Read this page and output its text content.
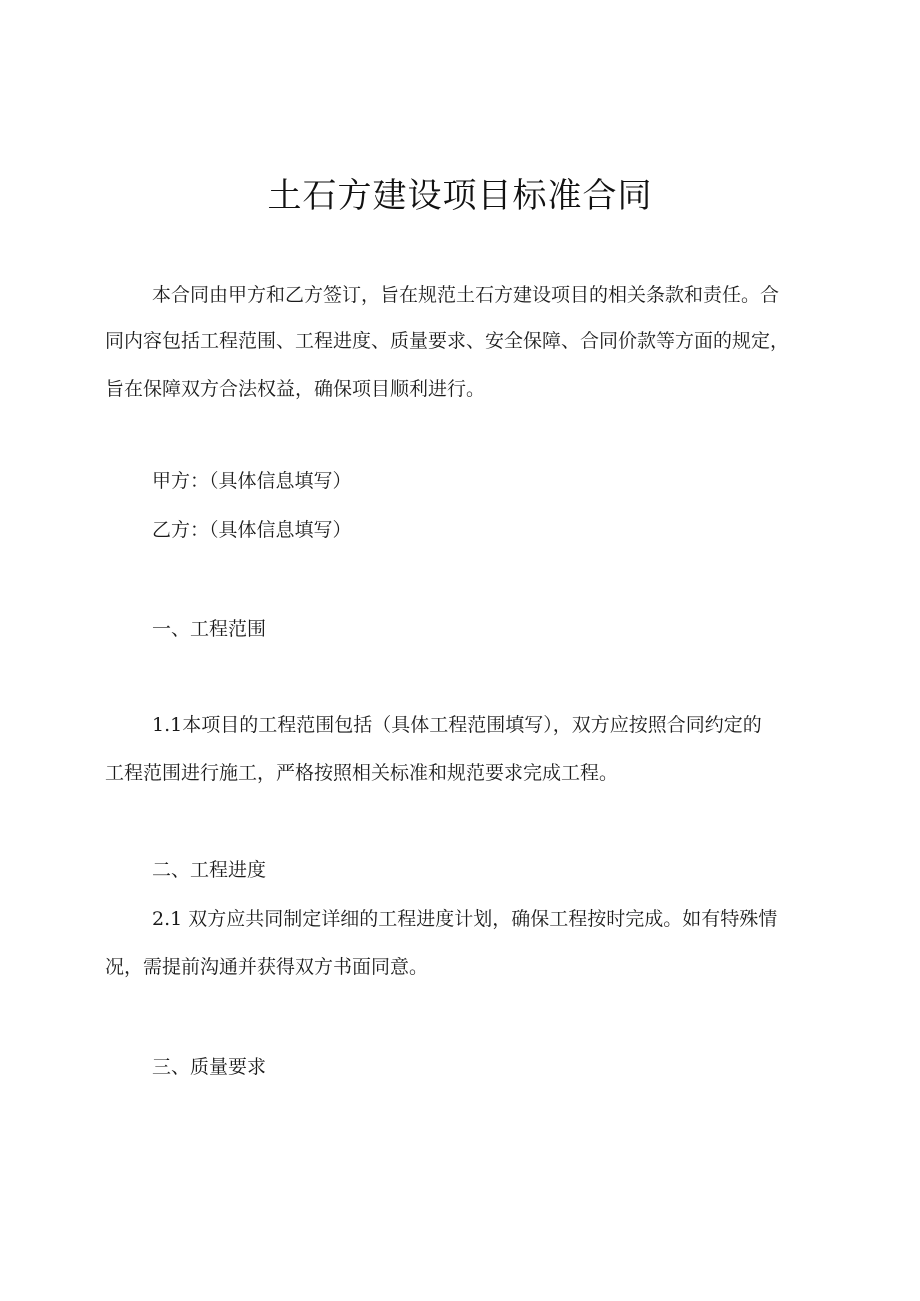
土石方建设项目标准合同
本合同由甲方和乙方签订，旨在规范土石方建设项目的相关条款和责任。合
同内容包括工程范围、工程进度、质量要求、安全保障、合同价款等方面的规定，
旨在保障双方合法权益，确保项目顺利进行。
甲方：（具体信息填写）
乙方：（具体信息填写）
一、工程范围
1.1本项目的工程范围包括（具体工程范围填写），双方应按照合同约定的
工程范围进行施工，严格按照相关标准和规范要求完成工程。
二、工程进度
2.1 双方应共同制定详细的工程进度计划，确保工程按时完成。如有特殊情
况，需提前沟通并获得双方书面同意。
三、质量要求
